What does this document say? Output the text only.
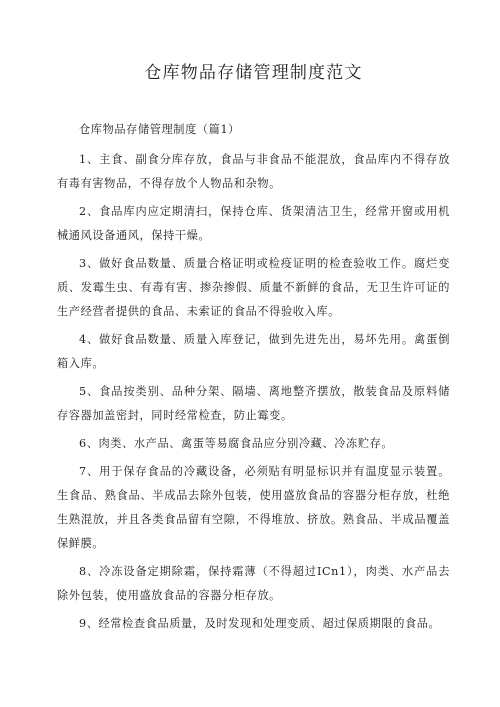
仓库物品存储管理制度范文

仓库物品存储管理制度（篇1）

1、主食、副食分库存放，食品与非食品不能混放，食品库内不得存放有毒有害物品，不得存放个人物品和杂物。

2、食品库内应定期清扫，保持仓库、货架清洁卫生，经常开窗或用机械通风设备通风，保持干燥。

3、做好食品数量、质量合格证明或检疫证明的检查验收工作。腐烂变质、发霉生虫、有毒有害、掺杂掺假、质量不新鲜的食品，无卫生许可证的生产经营者提供的食品、未索证的食品不得验收入库。

4、做好食品数量、质量入库登记，做到先进先出，易坏先用。禽蛋倒箱入库。

5、食品按类别、品种分架、隔墙、离地整齐摆放，散装食品及原料储存容器加盖密封，同时经常检查，防止霉变。

6、肉类、水产品、禽蛋等易腐食品应分别冷藏、冷冻贮存。

7、用于保存食品的冷藏设备，必须贴有明显标识并有温度显示装置。生食品、熟食品、半成品去除外包装，使用盛放食品的容器分柜存放，杜绝生熟混放，并且各类食品留有空隙，不得堆放、挤放。熟食品、半成品覆盖保鲜膜。

8、冷冻设备定期除霜，保持霜薄（不得超过ICn1），肉类、水产品去除外包装，使用盛放食品的容器分柜存放。

9、经常检查食品质量，及时发现和处理变质、超过保质期限的食品。
